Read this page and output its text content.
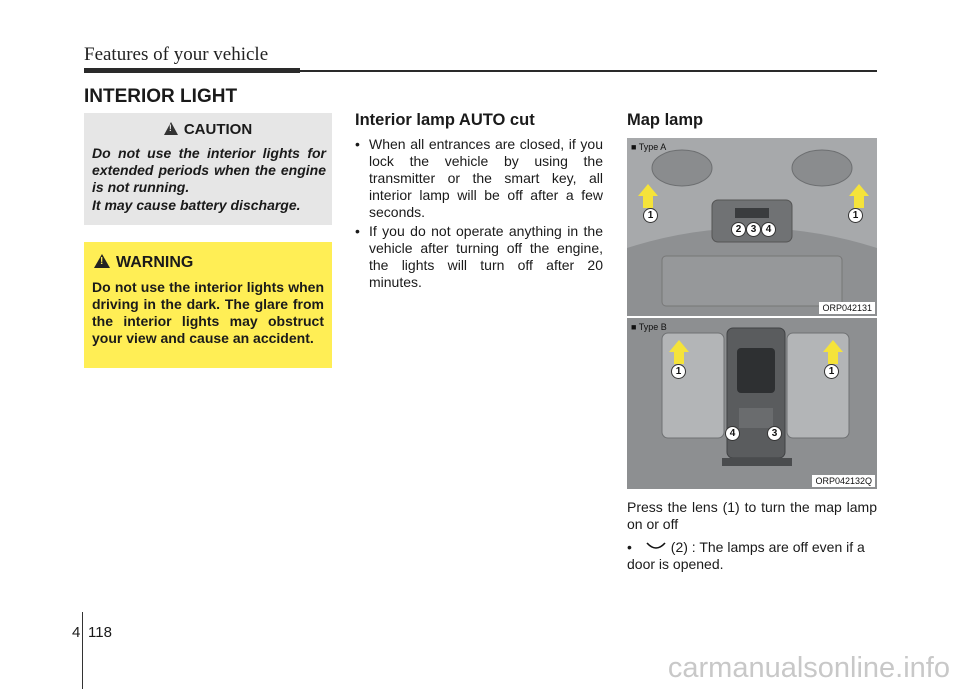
Features of your vehicle
INTERIOR LIGHT
!CAUTION

Do not use the interior lights for extended periods when the engine is not running.

It may cause battery discharge.

!WARNING

Do not use the interior lights when driving in the dark. The glare from the interior lights may obstruct your view and cause an accident.

Interior lamp AUTO cut
• When all entrances are closed, if you lock the vehicle by using the transmitter or the smart key, all interior lamp will be off after a few seconds.
• If you do not operate anything in the vehicle after turning off the engine, the lights will turn off after 20 minutes.
Map lamp
■ Type A
1
2 3 4
1
ORP042131
■ Type B
1	1
4	3
ORP042132Q

Press the lens (1) to turn the map lamp on or off

•	(2) : The lamps are off even if a door is opened.
4 118
carmanualsonline.info
